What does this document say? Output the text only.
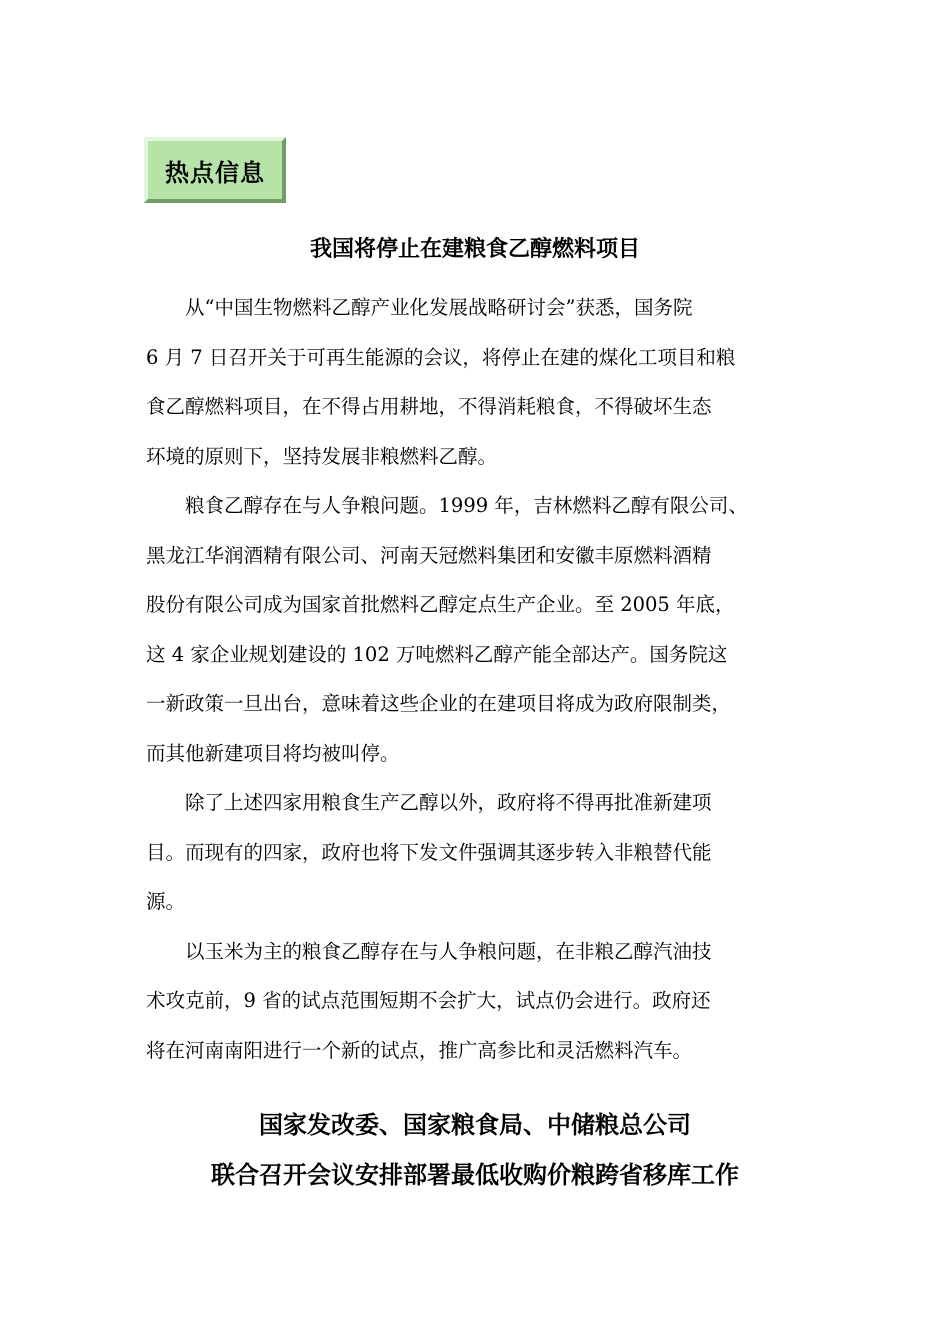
热点信息
我国将停止在建粮食乙醇燃料项目

从“中国生物燃料乙醇产业化发展战略研讨会”获悉，国务院
6 月 7 日召开关于可再生能源的会议，将停止在建的煤化工项目和粮
食乙醇燃料项目，在不得占用耕地，不得消耗粮食，不得破坏生态
环境的原则下，坚持发展非粮燃料乙醇。

粮食乙醇存在与人争粮问题。1999 年，吉林燃料乙醇有限公司、
黑龙江华润酒精有限公司、河南天冠燃料集团和安徽丰原燃料酒精
股份有限公司成为国家首批燃料乙醇定点生产企业。至 2005 年底，
这 4 家企业规划建设的 102 万吨燃料乙醇产能全部达产。国务院这
一新政策一旦出台，意味着这些企业的在建项目将成为政府限制类，
而其他新建项目将均被叫停。

除了上述四家用粮食生产乙醇以外，政府将不得再批准新建项
目。而现有的四家，政府也将下发文件强调其逐步转入非粮替代能
源。

以玉米为主的粮食乙醇存在与人争粮问题，在非粮乙醇汽油技
术攻克前，9 省的试点范围短期不会扩大，试点仍会进行。政府还
将在河南南阳进行一个新的试点，推广高参比和灵活燃料汽车。

国家发改委、国家粮食局、中储粮总公司
联合召开会议安排部署最低收购价粮跨省移库工作
